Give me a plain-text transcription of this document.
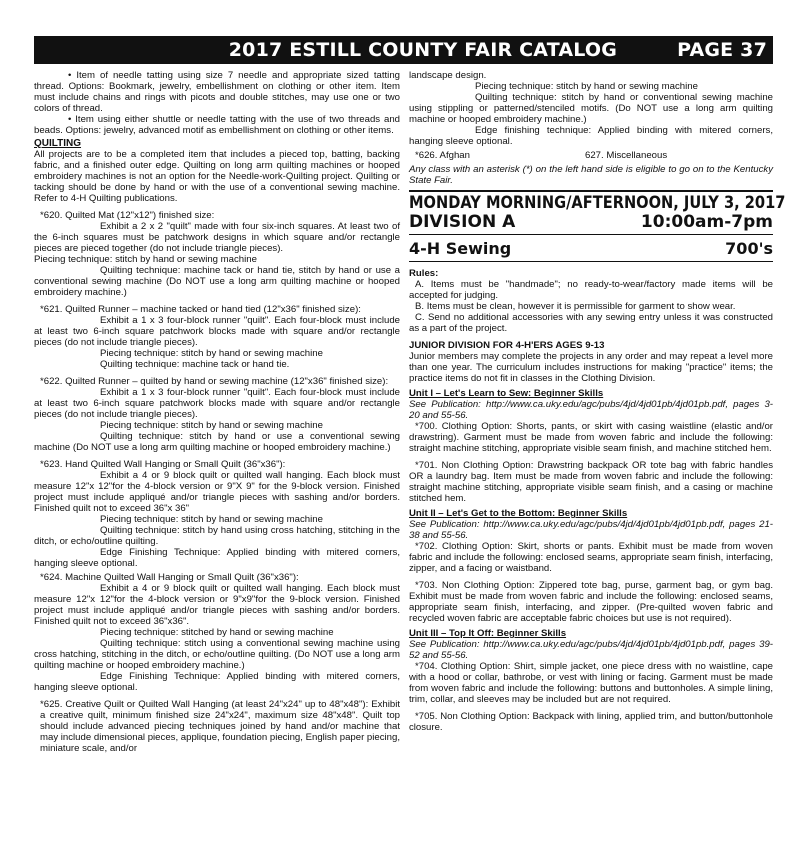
2017 ESTILL COUNTY FAIR CATALOG	PAGE 37

• Item of needle tatting using size 7 needle and appropriate sized tatting thread. Options: Bookmark, jewelry, embellishment on clothing or other item. Item must include chains and rings with picots and double stitches, may use one or two colors of thread.

• Item using either shuttle or needle tatting with the use of two threads and beads. Options: jewelry, advanced motif as embellishment on clothing or other items.

QUILTING

All projects are to be a completed item that includes a pieced top, batting, backing fabric, and a finished outer edge. Quilting on long arm quilting machines or hooped embroidery machines is not an option for the Needle-work-Quilting project. Quilting or tacking should be done by hand or with the use of a conventional sewing machine. Refer to 4-H Quilting publications.

*620. Quilted Mat (12"x12") finished size:

Exhibit a 2 x 2 "quilt" made with four six-inch squares. At least two of the 6-inch squares must be patchwork designs in which square and/or rectangle pieces are pieced together (do not include triangle pieces).

Piecing technique: stitch by hand or sewing machine

Quilting technique: machine tack or hand tie, stitch by hand or use a conventional sewing machine (Do NOT use a long arm quilting machine or hooped embroidery machine.)

*621. Quilted Runner – machine tacked or hand tied (12"x36" finished size):

Exhibit a 1 x 3 four-block runner "quilt". Each four-block must include at least two 6-inch square patchwork blocks made with square and/or rectangle pieces (do not include triangle pieces).

Piecing technique: stitch by hand or sewing machine

Quilting technique: machine tack or hand tie.

*622. Quilted Runner – quilted by hand or sewing machine (12"x36" finished size):

Exhibit a 1 x 3 four-block runner "quilt". Each four-block must include at least two 6-inch square patchwork blocks made with square and/or rectangle pieces (do not include triangle pieces).

Piecing technique: stitch by hand or sewing machine

Quilting technique: stitch by hand or use a conventional sewing machine (Do NOT use a long arm quilting machine or hooped embroidery machine.)

*623. Hand Quilted Wall Hanging or Small Quilt (36"x36"):

Exhibit a 4 or 9 block quilt or quilted wall hanging. Each block must measure 12"x 12"for the 4-block version or 9"X 9" for the 9-block version. Finished project must include appliqué and/or triangle pieces with sashing and/or borders. Finished quilt not to exceed 36"x 36"

Piecing technique: stitch by hand or sewing machine

Quilting technique: stitch by hand using cross hatching, stitching in the ditch, or echo/outline quilting.

Edge Finishing Technique: Applied binding with mitered corners, hanging sleeve optional.

*624. Machine Quilted Wall Hanging or Small Quilt (36"x36"):

Exhibit a 4 or 9 block quilt or quilted wall hanging. Each block must measure 12"x 12"for the 4-block version or 9"x9"for the 9-block version. Finished project must include appliqué and/or triangle pieces with sashing and/or borders. Finished quilt not to exceed 36"x36".

Piecing technique: stitched by hand or sewing machine

Quilting technique: stitch using a conventional sewing machine using cross hatching, stitching in the ditch, or echo/outline quilting. (Do NOT use a long arm quilting machine or hooped embroidery machine.)

Edge Finishing Technique: Applied binding with mitered corners, hanging sleeve optional.

*625. Creative Quilt or Quilted Wall Hanging (at least 24"x24" up to 48"x48"): Exhibit a creative quilt, minimum finished size 24"x24", maximum size 48"x48". Quilt top should include advanced piecing techniques joined by hand and/or machine that may include dimensional pieces, applique, foundation piecing, English paper piecing, miniature scale, and/or

landscape design.

Piecing technique: stitch by hand or sewing machine

Quilting technique: stitch by hand or conventional sewing machine using stippling or patterned/stenciled motifs. (Do NOT use a long arm quilting machine or hooped embroidery machine.)

Edge finishing technique: Applied binding with mitered corners, hanging sleeve optional.

*626. Afghan	627. Miscellaneous

Any class with an asterisk (*) on the left hand side is eligible to go on to the Kentucky State Fair.

MONDAY MORNING/AFTERNOON, JULY 3, 2017
DIVISION A	10:00am-7pm
4-H Sewing	700's
Rules:

A. Items must be "handmade"; no ready-to-wear/factory made items will be accepted for judging.

B. Items must be clean, however it is permissible for garment to show wear.

C. Send no additional accessories with any sewing entry unless it was constructed as a part of the project.

JUNIOR DIVISION FOR 4-H'ERS AGES 9-13

Junior members may complete the projects in any order and may repeat a level more than one year. The curriculum includes instructions for making "practice" items; the practice items do not fit in classes in the Clothing Division.

Unit I – Let's Learn to Sew: Beginner Skills

See Publication: http://www.ca.uky.edu/agc/pubs/4jd/4jd01pb/4jd01pb.pdf, pages 3-20 and 55-56.

*700. Clothing Option: Shorts, pants, or skirt with casing waistline (elastic and/or drawstring). Garment must be made from woven fabric and include the following: straight machine stitching, appropriate visible seam finish, and machine stitched hem.

*701. Non Clothing Option: Drawstring backpack OR tote bag with fabric handles OR a laundry bag. Item must be made from woven fabric and include the following: straight machine stitching, appropriate visible seam finish, and a casing or machine stitched hem.

Unit II – Let's Get to the Bottom: Beginner Skills

See Publication: http://www.ca.uky.edu/agc/pubs/4jd/4jd01pb/4jd01pb.pdf, pages 21-38 and 55-56.

*702. Clothing Option: Skirt, shorts or pants. Exhibit must be made from woven fabric and include the following: enclosed seams, appropriate seam finish, interfacing, zipper, and a facing or waistband.

*703. Non Clothing Option: Zippered tote bag, purse, garment bag, or gym bag. Exhibit must be made from woven fabric and include the following: enclosed seams, appropriate seam finish, interfacing, and zipper. (Pre-quilted woven fabric and recycled woven fabric are acceptable fabric choices but use is not required).

Unit III – Top It Off: Beginner Skills

See Publication: http://www.ca.uky.edu/agc/pubs/4jd/4jd01pb/4jd01pb.pdf, pages 39-52 and 55-56.

*704. Clothing Option: Shirt, simple jacket, one piece dress with no waistline, cape with a hood or collar, bathrobe, or vest with lining or facing. Garment must be made from woven fabric and include the following: buttons and buttonholes. A simple lining, trim, collar, and sleeves may be included but are not required.

*705. Non Clothing Option: Backpack with lining, applied trim, and button/buttonhole closure.
